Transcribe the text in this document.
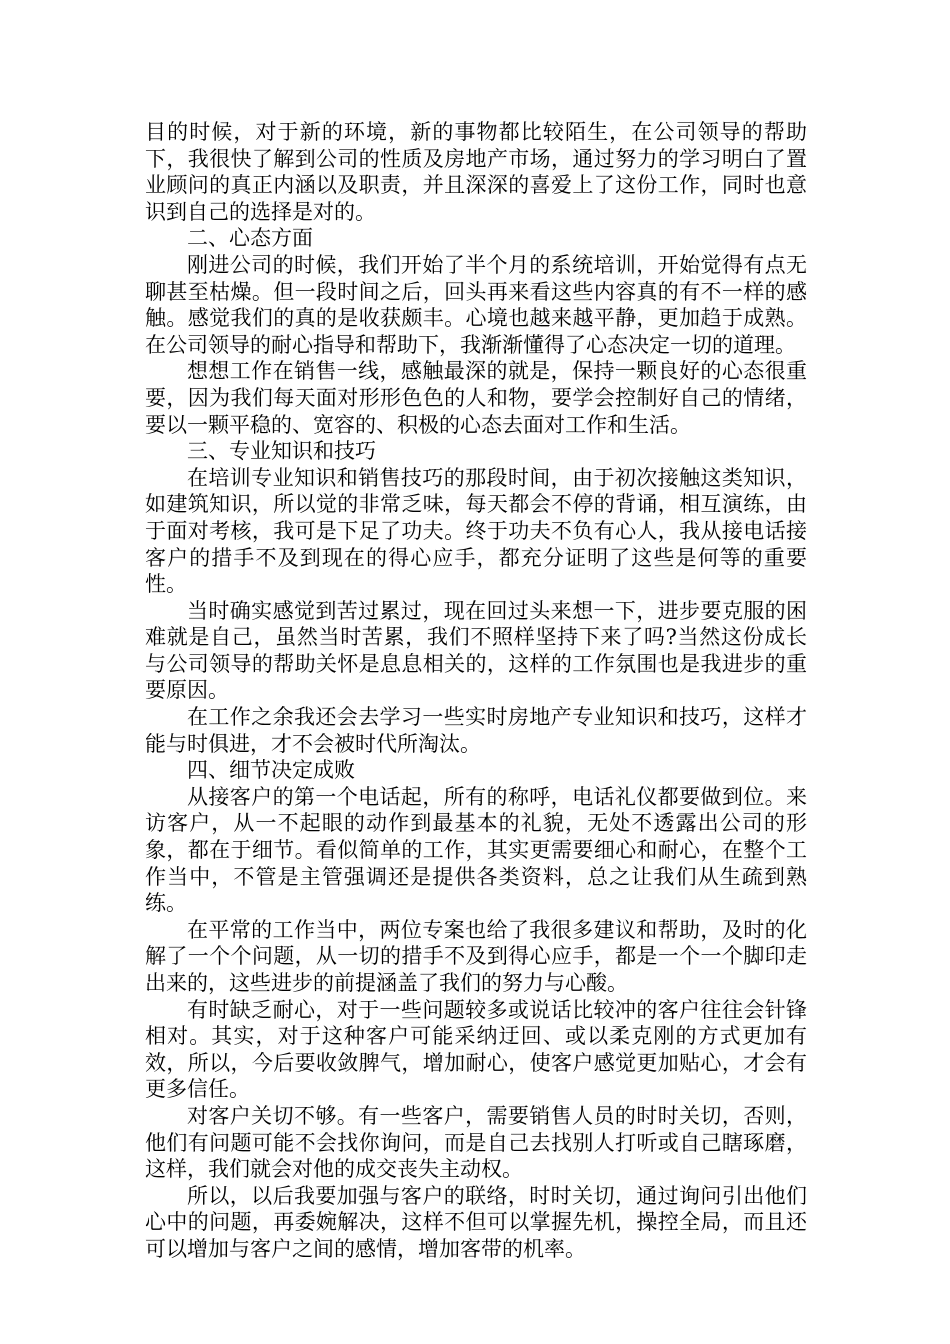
目的时候，对于新的环境，新的事物都比较陌生，在公司领导的帮助下，我很快了解到公司的性质及房地产市场，通过努力的学习明白了置业顾问的真正内涵以及职责，并且深深的喜爱上了这份工作，同时也意识到自己的选择是对的。

二、心态方面

刚进公司的时候，我们开始了半个月的系统培训，开始觉得有点无聊甚至枯燥。但一段时间之后，回头再来看这些内容真的有不一样的感触。感觉我们的真的是收获颇丰。心境也越来越平静，更加趋于成熟。在公司领导的耐心指导和帮助下，我渐渐懂得了心态决定一切的道理。

想想工作在销售一线，感触最深的就是，保持一颗良好的心态很重要，因为我们每天面对形形色色的人和物，要学会控制好自己的情绪，要以一颗平稳的、宽容的、积极的心态去面对工作和生活。

三、专业知识和技巧

在培训专业知识和销售技巧的那段时间，由于初次接触这类知识，如建筑知识，所以觉的非常乏味，每天都会不停的背诵，相互演练，由于面对考核，我可是下足了功夫。终于功夫不负有心人，我从接电话接客户的措手不及到现在的得心应手，都充分证明了这些是何等的重要性。

当时确实感觉到苦过累过，现在回过头来想一下，进步要克服的困难就是自己，虽然当时苦累，我们不照样坚持下来了吗?当然这份成长与公司领导的帮助关怀是息息相关的，这样的工作氛围也是我进步的重要原因。

在工作之余我还会去学习一些实时房地产专业知识和技巧，这样才能与时俱进，才不会被时代所淘汰。

四、细节决定成败

从接客户的第一个电话起，所有的称呼，电话礼仪都要做到位。来访客户，从一不起眼的动作到最基本的礼貌，无处不透露出公司的形象，都在于细节。看似简单的工作，其实更需要细心和耐心，在整个工作当中，不管是主管强调还是提供各类资料，总之让我们从生疏到熟练。

在平常的工作当中，两位专案也给了我很多建议和帮助，及时的化解了一个个问题，从一切的措手不及到得心应手，都是一个一个脚印走出来的，这些进步的前提涵盖了我们的努力与心酸。

有时缺乏耐心，对于一些问题较多或说话比较冲的客户往往会针锋相对。其实，对于这种客户可能采纳迂回、或以柔克刚的方式更加有效，所以，今后要收敛脾气，增加耐心，使客户感觉更加贴心，才会有更多信任。

对客户关切不够。有一些客户，需要销售人员的时时关切，否则，他们有问题可能不会找你询问，而是自己去找别人打听或自己瞎琢磨，这样，我们就会对他的成交丧失主动权。

所以，以后我要加强与客户的联络，时时关切，通过询问引出他们心中的问题，再委婉解决，这样不但可以掌握先机，操控全局，而且还可以增加与客户之间的感情，增加客带的机率。
